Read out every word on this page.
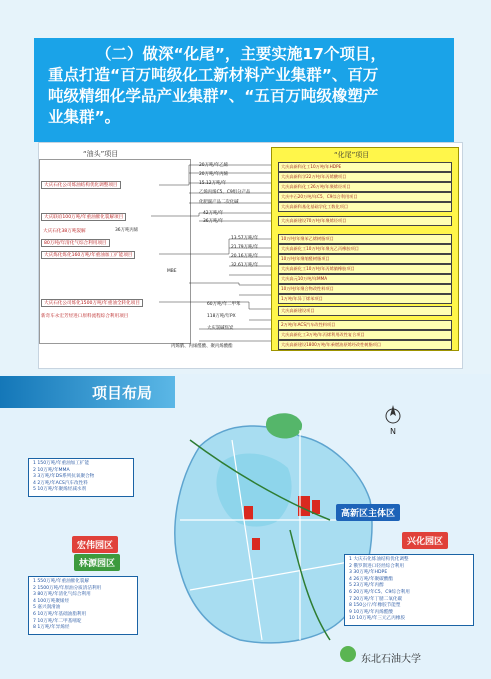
（二）做深“化尾”，主要实施17个项目，
重点打造“百万吨级化工新材料产业集群”、百万
吨级精细化学品产业集群”、“五百万吨级橡塑产
业集群”。
“油头”项目
大庆石化公司炼油结构优化调整项目
大庆联谊100万吨/年重油催化裂解项目
大庆石化38万吨裂解
80万吨/年清化气综合利用项目
大庆炼化炼化160万吨/年重油加工扩能项目
大庆石化公司炼化1500万吨/年重油全转化项目
新奇车永宏芳烃进口原料流程综合利用项目
20万吨/年乙烯
20万吨/年丙烯
15.12万吨/年
乙烯丙烯C5、C9组分产品
化肥副产品二次化碱
42万吨/年
36万吨/年
36万吨丙烯
13.57万吨/年
21.79万吨/年
20.16万吨/年
32.61万吨/年
MBE
60万吨/年二甲苯
118万吨/年PX
大庆氯碱焦炭
丙烯腈、丙烯醛酸、聚丙烯酸酯
“化尾”项目
大庆高新科化工10万吨/年HDPE
大庆高新科学22万吨/年丙烯酸项目
大庆高新科化工26万吨/年聚烯烃项目
大庆中石20万吨/年C5、C9综合利用项目
大庆高新科基化基础学化工数化项目
大庆高新建设70万吨/年聚烯烃项目
10万吨/年聚苯乙烯树脂项目
大庆高新化工10万吨/年聚光乙丙橡胶项目
10万吨/年聚缩醛树脂项目
大庆高新化工10万吨/年丙烯腈橡胶项目
大庆高元10万吨/年MMA
10万吨/年聚合物改性料项目
1万吨/年异丁烯苯项目
大庆高新建设项目
2万吨/年ACS汽车改性料项目
大庆高新化工3万吨/年丙烯利用改性复合项目
大庆高新建设1800万吨/年乘燃油原烯经改性树脂项目
项目布局
N
1 150万吨/年重油加工扩能
2 10万吨/年MMA
3 3万吨/年DS系列抗氧聚合物
4 2万吨/年ACS汽车改性料
5 10万吨/年聚烯烃减水剂
宏伟园区
林源园区
1 550万吨/年重油催化裂解
2 1500万吨/年原油分质清洁利用
3 80万吨/年清化气综合利用
4 100万吨聚烯烃
5 嘉兴润滑油
6 10万吨/年基础油脂利用
7 10万吨/年二甲基嘧啶
8 1万吨/年异烯烃
高新区主体区
兴化园区
1 大庆石化炼油结构优化调整
2 俄罗斯进口轻烃综合利用
3 30万吨/年HDPE
4 26万吨/年聚碳酸酯
5 23万吨/年丙醇
6 20万吨/年C5、C9综合利用
7 20万吨/年丁腈二氧化碳
8 150公斤/年橡胶节能塑
9 10万吨/年丙烯醛酸
10 10万吨/年三元乙丙橡胶
东北石油大学
